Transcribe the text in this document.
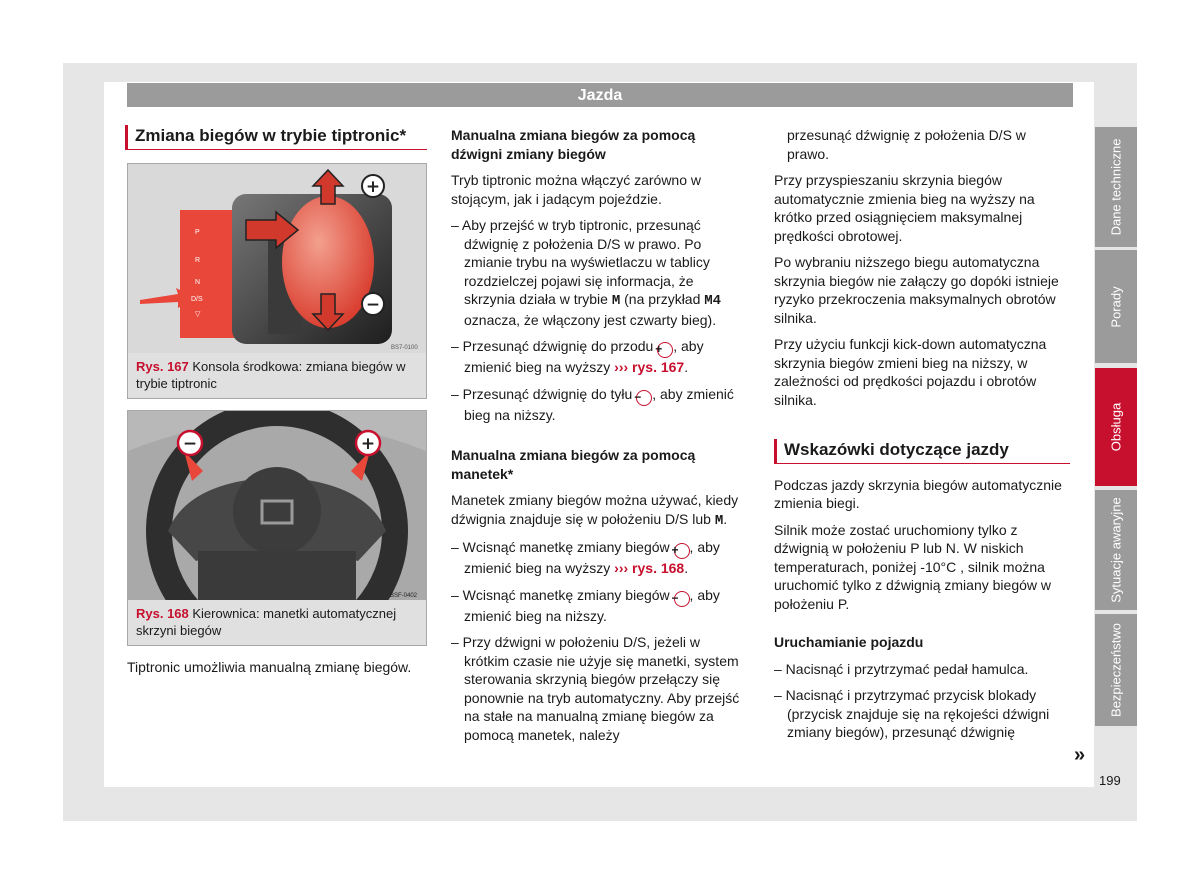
Jazda
Zmiana biegów w trybie tiptronic*
+
−
P
R
N
D/S
▽
BS7-0100
Rys. 167 Konsola środkowa: zmiana biegów w trybie tiptronic
−	+
BSF-0402
Rys. 168 Kierownica: manetki automatycznej skrzyni biegów

Tiptronic umożliwia manualną zmianę biegów.

Manualna zmiana biegów za pomocą dźwigni zmiany biegów

Tryb tiptronic można włączyć zarówno w stojącym, jak i jadącym pojeździe.

– Aby przejść w tryb tiptronic, przesunąć dźwignię z położenia D/S w prawo. Po zmianie trybu na wyświetlaczu w tablicy rozdzielczej pojawi się informacja, że skrzynia działa w trybie M (na przykład M4 oznacza, że włączony jest czwarty bieg).

– Przesunąć dźwignię do przodu + , aby zmienić bieg na wyższy ››› rys. 167.

– Przesunąć dźwignię do tyłu − , aby zmienić bieg na niższy.

Manualna zmiana biegów za pomocą manetek*

Manetek zmiany biegów można używać, kiedy dźwignia znajduje się w położeniu D/S lub M.

– Wcisnąć manetkę zmiany biegów + , aby zmienić bieg na wyższy ››› rys. 168.

– Wcisnąć manetkę zmiany biegów − , aby zmienić bieg na niższy.

– Przy dźwigni w położeniu D/S, jeżeli w krótkim czasie nie użyje się manetki, system sterowania skrzynią biegów przełączy się ponownie na tryb automatyczny. Aby przejść na stałe na manualną zmianę biegów za pomocą manetek, należy

przesunąć dźwignię z położenia D/S w prawo.

Przy przyspieszaniu skrzynia biegów automatycznie zmienia bieg na wyższy na krótko przed osiągnięciem maksymalnej prędkości obrotowej.

Po wybraniu niższego biegu automatyczna skrzynia biegów nie załączy go dopóki istnieje ryzyko przekroczenia maksymalnych obrotów silnika.

Przy użyciu funkcji kick-down automatyczna skrzynia biegów zmieni bieg na niższy, w zależności od prędkości pojazdu i obrotów silnika.

Wskazówki dotyczące jazdy

Podczas jazdy skrzynia biegów automatycznie zmienia biegi.

Silnik może zostać uruchomiony tylko z dźwignią w położeniu P lub N. W niskich temperaturach, poniżej -10°C , silnik można uruchomić tylko z dźwignią zmiany biegów w położeniu P.

Uruchamianie pojazdu

– Nacisnąć i przytrzymać pedał hamulca.

– Nacisnąć i przytrzymać przycisk blokady (przycisk znajduje się na rękojeści dźwigni zmiany biegów), przesunąć dźwignię

Dane techniczne
Porady
Obsługa
Sytuacje awaryjne
Bezpieczeństwo
»
199
